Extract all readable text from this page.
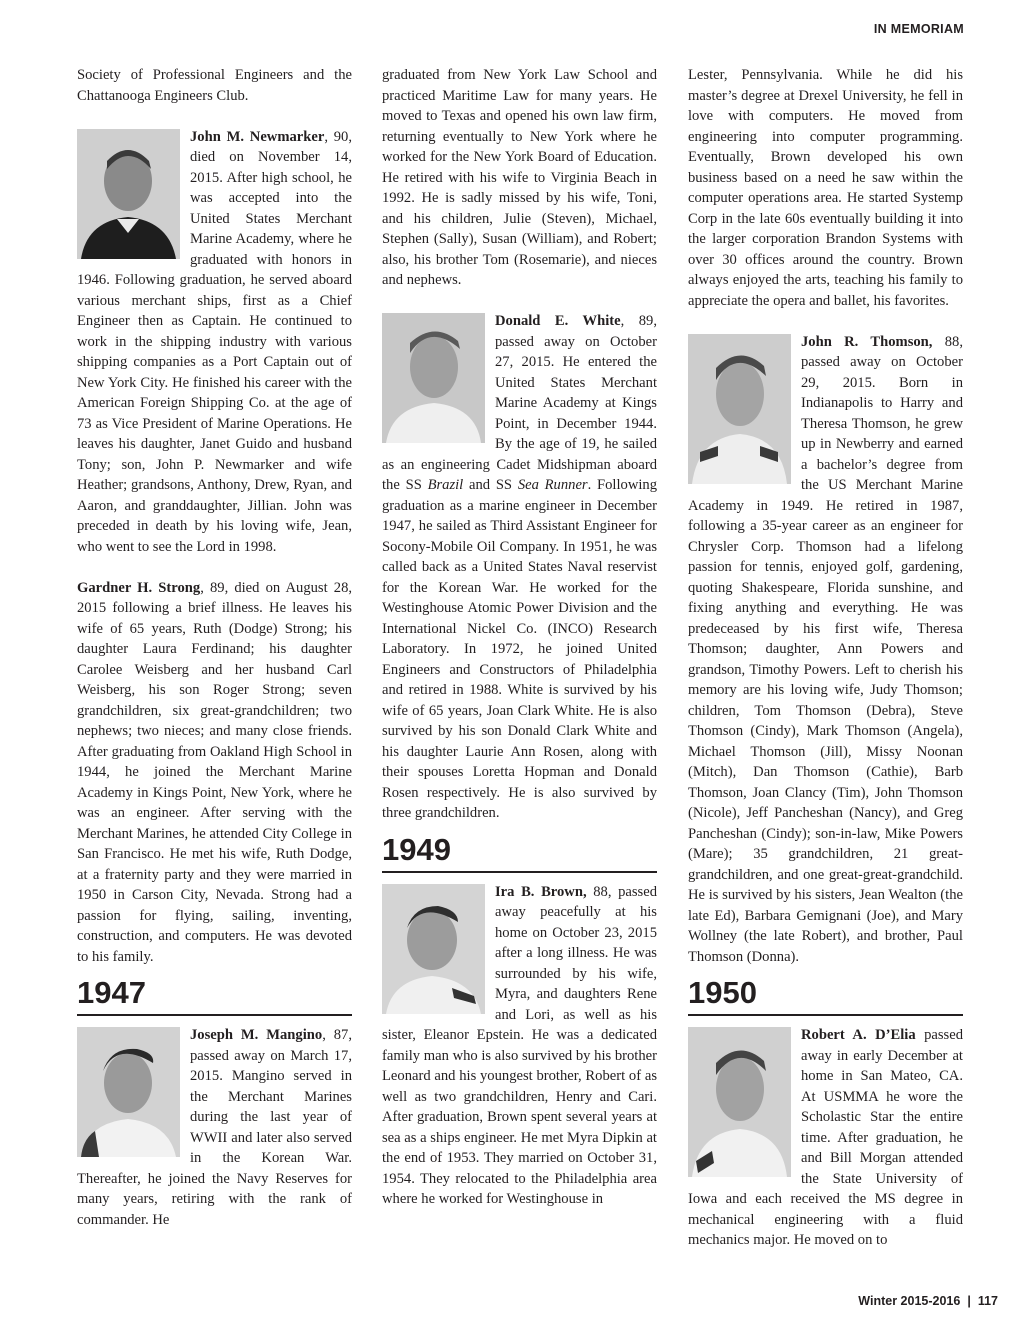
IN MEMORIAM

Society of Professional Engineers and the Chattanooga Engineers Club.

John M. Newmarker, 90, died on November 14, 2015. After high school, he was accepted into the United States Merchant Marine Academy, where he graduated with honors in 1946. Following graduation, he served aboard various merchant ships, first as a Chief Engineer then as Captain. He continued to work in the shipping industry with various shipping companies as a Port Captain out of New York City. He finished his career with the American Foreign Shipping Co. at the age of 73 as Vice President of Marine Operations. He leaves his daughter, Janet Guido and husband Tony; son, John P. Newmarker and wife Heather; grandsons, Anthony, Drew, Ryan, and Aaron, and granddaughter, Jillian. John was preceded in death by his loving wife, Jean, who went to see the Lord in 1998.

Gardner H. Strong, 89, died on August 28, 2015 following a brief illness. He leaves his wife of 65 years, Ruth (Dodge) Strong; his daughter Laura Ferdinand; his daughter Carolee Weisberg and her husband Carl Weisberg, his son Roger Strong; seven grandchildren, six great-grandchildren; two nephews; two nieces; and many close friends. After graduating from Oakland High School in 1944, he joined the Merchant Marine Academy in Kings Point, New York, where he was an engineer. After serving with the Merchant Marines, he attended City College in San Francisco. He met his wife, Ruth Dodge, at a fraternity party and they were married in 1950 in Carson City, Nevada. Strong had a passion for flying, sailing, inventing, construction, and computers. He was devoted to his family.

1947

Joseph M. Mangino, 87, passed away on March 17, 2015. Mangino served in the Merchant Marines during the last year of WWII and later also served in the Korean War. Thereafter, he joined the Navy Reserves for many years, retiring with the rank of commander. He

graduated from New York Law School and practiced Maritime Law for many years. He moved to Texas and opened his own law firm, returning eventually to New York where he worked for the New York Board of Education. He retired with his wife to Virginia Beach in 1992. He is sadly missed by his wife, Toni, and his children, Julie (Steven), Michael, Stephen (Sally), Susan (William), and Robert; also, his brother Tom (Rosemarie), and nieces and nephews.

Donald E. White, 89, passed away on October 27, 2015. He entered the United States Merchant Marine Academy at Kings Point, in December 1944. By the age of 19, he sailed as an engineering Cadet Midshipman aboard the SS Brazil and SS Sea Runner. Following graduation as a marine engineer in December 1947, he sailed as Third Assistant Engineer for Socony-Mobile Oil Company. In 1951, he was called back as a United States Naval reservist for the Korean War. He worked for the Westinghouse Atomic Power Division and the International Nickel Co. (INCO) Research Laboratory. In 1972, he joined United Engineers and Constructors of Philadelphia and retired in 1988. White is survived by his wife of 65 years, Joan Clark White. He is also survived by his son Donald Clark White and his daughter Laurie Ann Rosen, along with their spouses Loretta Hopman and Donald Rosen respectively. He is also survived by three grandchildren.

1949

Ira B. Brown, 88, passed away peacefully at his home on October 23, 2015 after a long illness. He was surrounded by his wife, Myra, and daughters Rene and Lori, as well as his sister, Eleanor Epstein. He was a dedicated family man who is also survived by his brother Leonard and his youngest brother, Robert of as well as two grandchildren, Henry and Cari. After graduation, Brown spent several years at sea as a ships engineer. He met Myra Dipkin at the end of 1953. They married on October 31, 1954. They relocated to the Philadelphia area where he worked for Westinghouse in

Lester, Pennsylvania. While he did his master’s degree at Drexel University, he fell in love with computers. He moved from engineering into computer programming. Eventually, Brown developed his own business based on a need he saw within the computer operations area. He started Systemp Corp in the late 60s eventually building it into the larger corporation Brandon Systems with over 30 offices around the country. Brown always enjoyed the arts, teaching his family to appreciate the opera and ballet, his favorites.

John R. Thomson, 88, passed away on October 29, 2015. Born in Indianapolis to Harry and Theresa Thomson, he grew up in Newberry and earned a bachelor’s degree from the US Merchant Marine Academy in 1949. He retired in 1987, following a 35-year career as an engineer for Chrysler Corp. Thomson had a lifelong passion for tennis, enjoyed golf, gardening, quoting Shakespeare, Florida sunshine, and fixing anything and everything. He was predeceased by his first wife, Theresa Thomson; daughter, Ann Powers and grandson, Timothy Powers. Left to cherish his memory are his loving wife, Judy Thomson; children, Tom Thomson (Debra), Steve Thomson (Cindy), Mark Thomson (Angela), Michael Thomson (Jill), Missy Noonan (Mitch), Dan Thomson (Cathie), Barb Thomson, Joan Clancy (Tim), John Thomson (Nicole), Jeff Pancheshan (Nancy), and Greg Pancheshan (Cindy); son-in-law, Mike Powers (Mare); 35 grandchildren, 21 great-grandchildren, and one great-great-grandchild. He is survived by his sisters, Jean Wealton (the late Ed), Barbara Gemignani (Joe), and Mary Wollney (the late Robert), and brother, Paul Thomson (Donna).

1950

Robert A. D’Elia passed away in early December at home in San Mateo, CA. At USMMA he wore the Scholastic Star the entire time. After graduation, he and Bill Morgan attended the State University of Iowa and each received the MS degree in mechanical engineering with a fluid mechanics major. He moved on to

Winter 2015-2016 | 117
